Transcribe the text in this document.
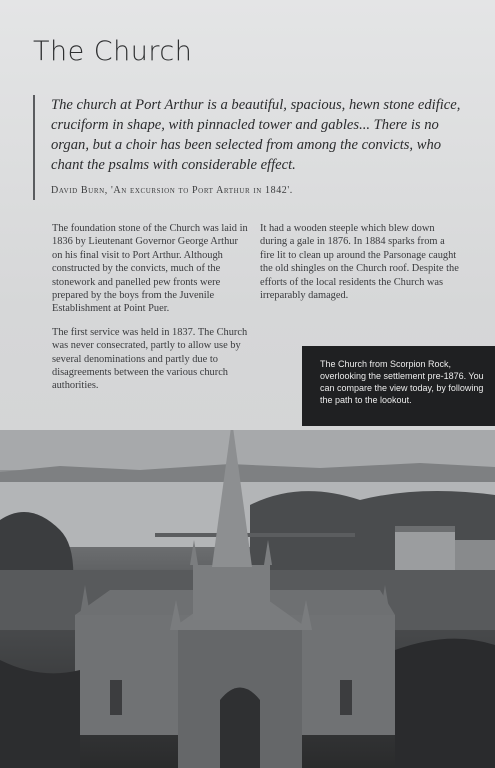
The Church

The church at Port Arthur is a beautiful, spacious, hewn stone edifice, cruciform in shape, with pinnacled tower and gables... There is no organ, but a choir has been selected from among the convicts, who chant the psalms with considerable effect.

David Burn, 'An excursion to Port Arthur in 1842'.

The foundation stone of the Church was laid in 1836 by Lieutenant Governor George Arthur on his final visit to Port Arthur. Although constructed by the convicts, much of the stonework and panelled pew fronts were prepared by the boys from the Juvenile Establishment at Point Puer.

The first service was held in 1837. The Church was never consecrated, partly to allow use by several denominations and partly due to disagreements between the various church authorities.

It had a wooden steeple which blew down during a gale in 1876. In 1884 sparks from a fire lit to clean up around the Parsonage caught the old shingles on the Church roof. Despite the efforts of the local residents the Church was irreparably damaged.

The Church from Scorpion Rock, overlooking the settlement pre-1876. You can compare the view today, by following the path to the lookout.
